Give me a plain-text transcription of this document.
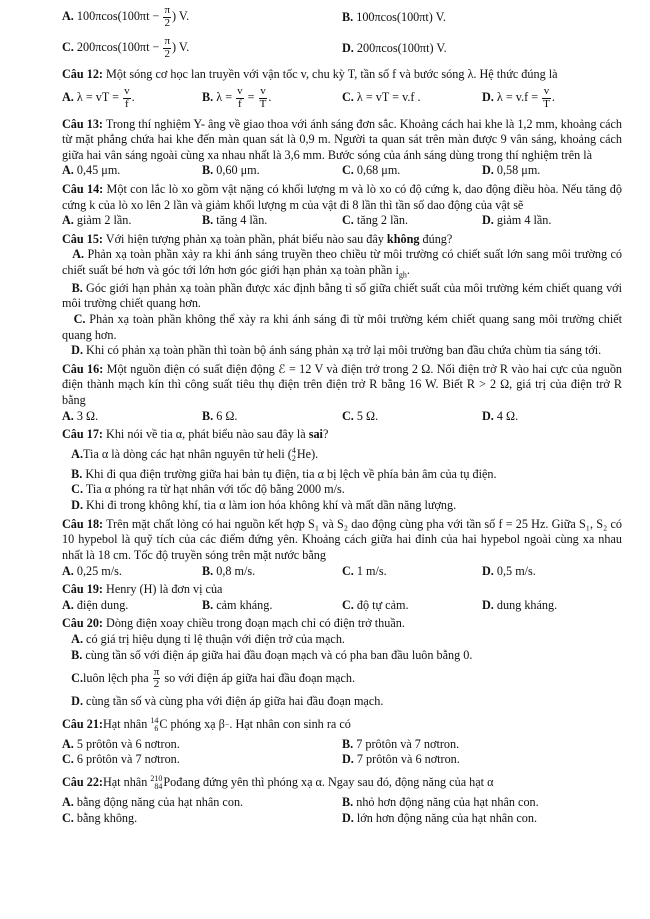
A. $100\pi\cos(100\pi t - \frac{\pi}{2}$ ) V.	B. 100πcos(100πt) V.
C. $200\pi\cos(100\pi t - \frac{\pi}{2}$ ) V.	D. 200πcos(100πt) V.
Câu 12: Một sóng cơ học lan truyền với vận tốc v, chu kỳ T, tần số f và bước sóng λ. Hệ thức đúng là
A. λ = vT = $\frac{v}{f}$ .	B. $\lambda = \frac{v}{f} = \frac{v}{T}$ .	C. λ = vT = v.f .	D. $\lambda = v.f = \frac{v}{T}$ .
Câu 13: Trong thí nghiệm Y- âng về giao thoa với ánh sáng đơn sắc. Khoảng cách hai khe là 1,2 mm, khoảng cách từ mặt phẳng chứa hai khe đến màn quan sát là 0,9 m. Người ta quan sát trên màn được 9 vân sáng, khoảng cách giữa hai vân sáng ngoài cùng xa nhau nhất là 3,6 mm. Bước sóng của ánh sáng dùng trong thí nghiệm trên là
A. 0,45 μm.	B. 0,60 μm.	C. 0,68 μm.	D. 0,58 μm.
Câu 14: Một con lắc lò xo gồm vật nặng có khối lượng m và lò xo có độ cứng k, dao động điều hòa. Nếu tăng độ cứng k của lò xo lên 2 lần và giảm khối lượng m của vật đi 8 lần thì tần số dao động của vật sẽ
A. giảm 2 lần.	B. tăng 4 lần.	C. tăng 2 lần.	D. giảm 4 lần.
Câu 15: Với hiện tượng phản xạ toàn phần, phát biểu nào sau đây không đúng?
A. Phản xạ toàn phần xảy ra khi ánh sáng truyền theo chiều từ môi trường có chiết suất lớn sang môi trường có chiết suất bé hơn và góc tới lớn hơn góc giới hạn phản xạ toàn phần $i_{gh}$.
B. Góc giới hạn phản xạ toàn phần được xác định bằng tỉ số giữa chiết suất của môi trường kém chiết quang với môi trường chiết quang hơn.
C. Phản xạ toàn phần không thể xảy ra khi ánh sáng đi từ môi trường kém chiết quang sang môi trường chiết quang hơn.
D. Khi có phản xạ toàn phần thì toàn bộ ánh sáng phản xạ trở lại môi trường ban đầu chứa chùm tia sáng tới.
Câu 16: Một nguồn điện có suất điện động ℰ = 12 V và điện trở trong 2 Ω. Nối điện trở R vào hai cực của nguồn điện thành mạch kín thì công suất tiêu thụ điện trên điện trở R bằng 16 W. Biết R > 2 Ω, giá trị của điện trở R bằng
A. 3 Ω.	B. 6 Ω.	C. 5 Ω.	D. 4 Ω.
Câu 17: Khi nói về tia α, phát biểu nào sau đây là sai?

A. Tia α là dòng các hạt nhân nguyên tử heli ( 4
2 He ) .
B. Khi đi qua điện trường giữa hai bản tụ điện, tia α bị lệch về phía bản âm của tụ điện.
C. Tia α phóng ra từ hạt nhân với tốc độ bằng 2000 m/s.
D. Khi đi trong không khí, tia α làm ion hóa không khí và mất dần năng lượng.
Câu 18: Trên mặt chất lỏng có hai nguồn kết hợp S₁ và S₂ dao động cùng pha với tần số f = 25 Hz. Giữa S₁, S₂ có 10 hypebol là quỹ tích của các điểm đứng yên. Khoảng cách giữa hai đỉnh của hai hypebol ngoài cùng xa nhau nhất là 18 cm. Tốc độ truyền sóng trên mặt nước bằng
A. 0,25 m/s.	B. 0,8 m/s.	C. 1 m/s.	D. 0,5 m/s.
Câu 19: Henry (H) là đơn vị của
A. điện dung.	B. cảm kháng.	C. độ tự cảm.	D. dung kháng.
Câu 20: Dòng điện xoay chiều trong đoạn mạch chỉ có điện trở thuần.
A. có giá trị hiệu dụng tỉ lệ thuận với điện trở của mạch.
B. cùng tần số với điện áp giữa hai đầu đoạn mạch và có pha ban đầu luôn bằng 0.

C. luôn lệch pha
$\frac{\pi}{2}$
so với điện áp giữa hai đầu đoạn mạch.
D. cùng tần số và cùng pha với điện áp giữa hai đầu đoạn mạch.
Câu 21: Hạt nhân
14
6 C
phóng xạ β − . Hạt nhân con sinh ra có
A. 5 prôtôn và 6 nơtron.	B. 7 prôtôn và 7 nơtron.
C. 6 prôtôn và 7 nơtron.	D. 7 prôtôn và 6 nơtron.
Câu 22: Hạt nhân
210
84 Po đang đứng yên thì phóng xạ α. Ngay sau đó, động năng của hạt α
A. bằng động năng của hạt nhân con.	B. nhỏ hơn động năng của hạt nhân con.
C. bằng không.	D. lớn hơn động năng của hạt nhân con.
